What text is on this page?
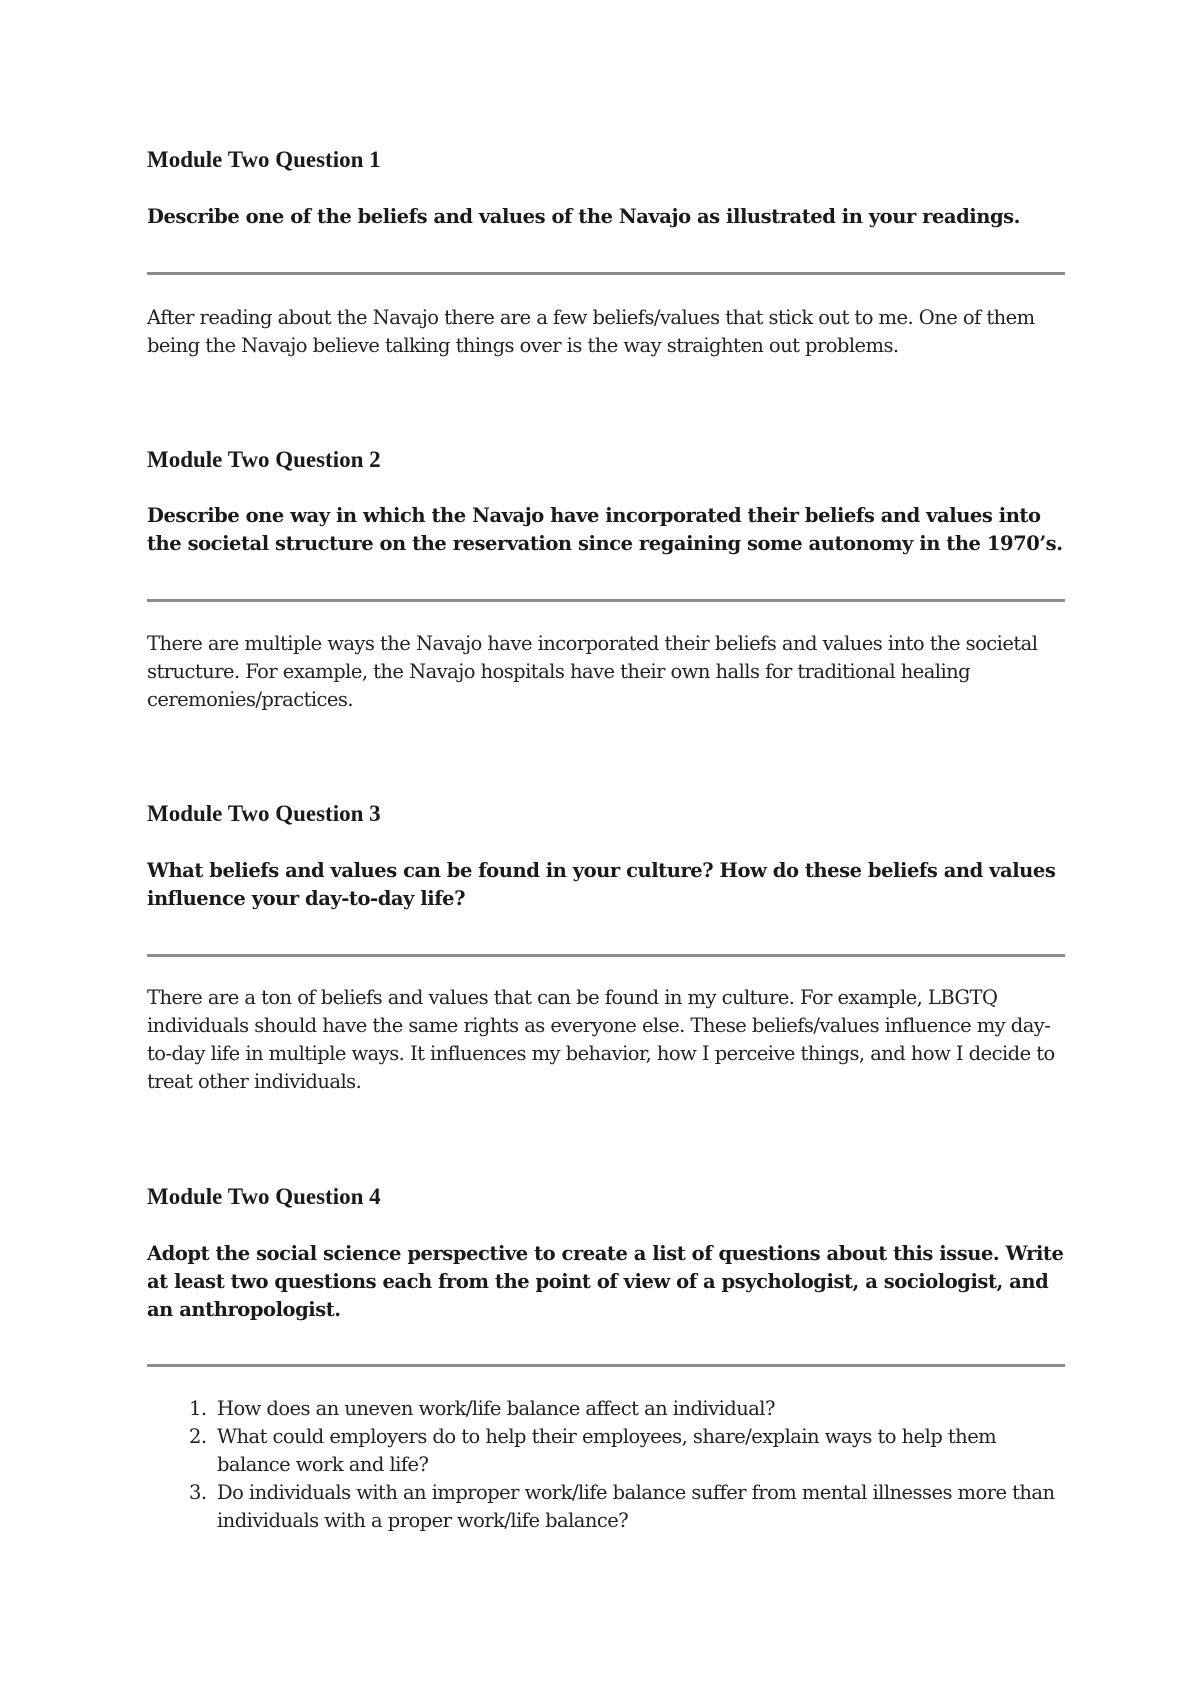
Module Two Question 1

Describe one of the beliefs and values of the Navajo as illustrated in your readings.

After reading about the Navajo there are a few beliefs/values that stick out to me. One of them being the Navajo believe talking things over is the way straighten out problems.

Module Two Question 2

Describe one way in which the Navajo have incorporated their beliefs and values into the societal structure on the reservation since regaining some autonomy in the 1970’s.

There are multiple ways the Navajo have incorporated their beliefs and values into the societal structure. For example, the Navajo hospitals have their own halls for traditional healing ceremonies/practices.

Module Two Question 3

What beliefs and values can be found in your culture? How do these beliefs and values influence your day-to-day life?

There are a ton of beliefs and values that can be found in my culture. For example, LBGTQ individuals should have the same rights as everyone else. These beliefs/values influence my day-to-day life in multiple ways. It influences my behavior, how I perceive things, and how I decide to treat other individuals.

Module Two Question 4

Adopt the social science perspective to create a list of questions about this issue. Write at least two questions each from the point of view of a psychologist, a sociologist, and an anthropologist.

1. How does an uneven work/life balance affect an individual?
2. What could employers do to help their employees, share/explain ways to help them balance work and life?
3. Do individuals with an improper work/life balance suffer from mental illnesses more than individuals with a proper work/life balance?
